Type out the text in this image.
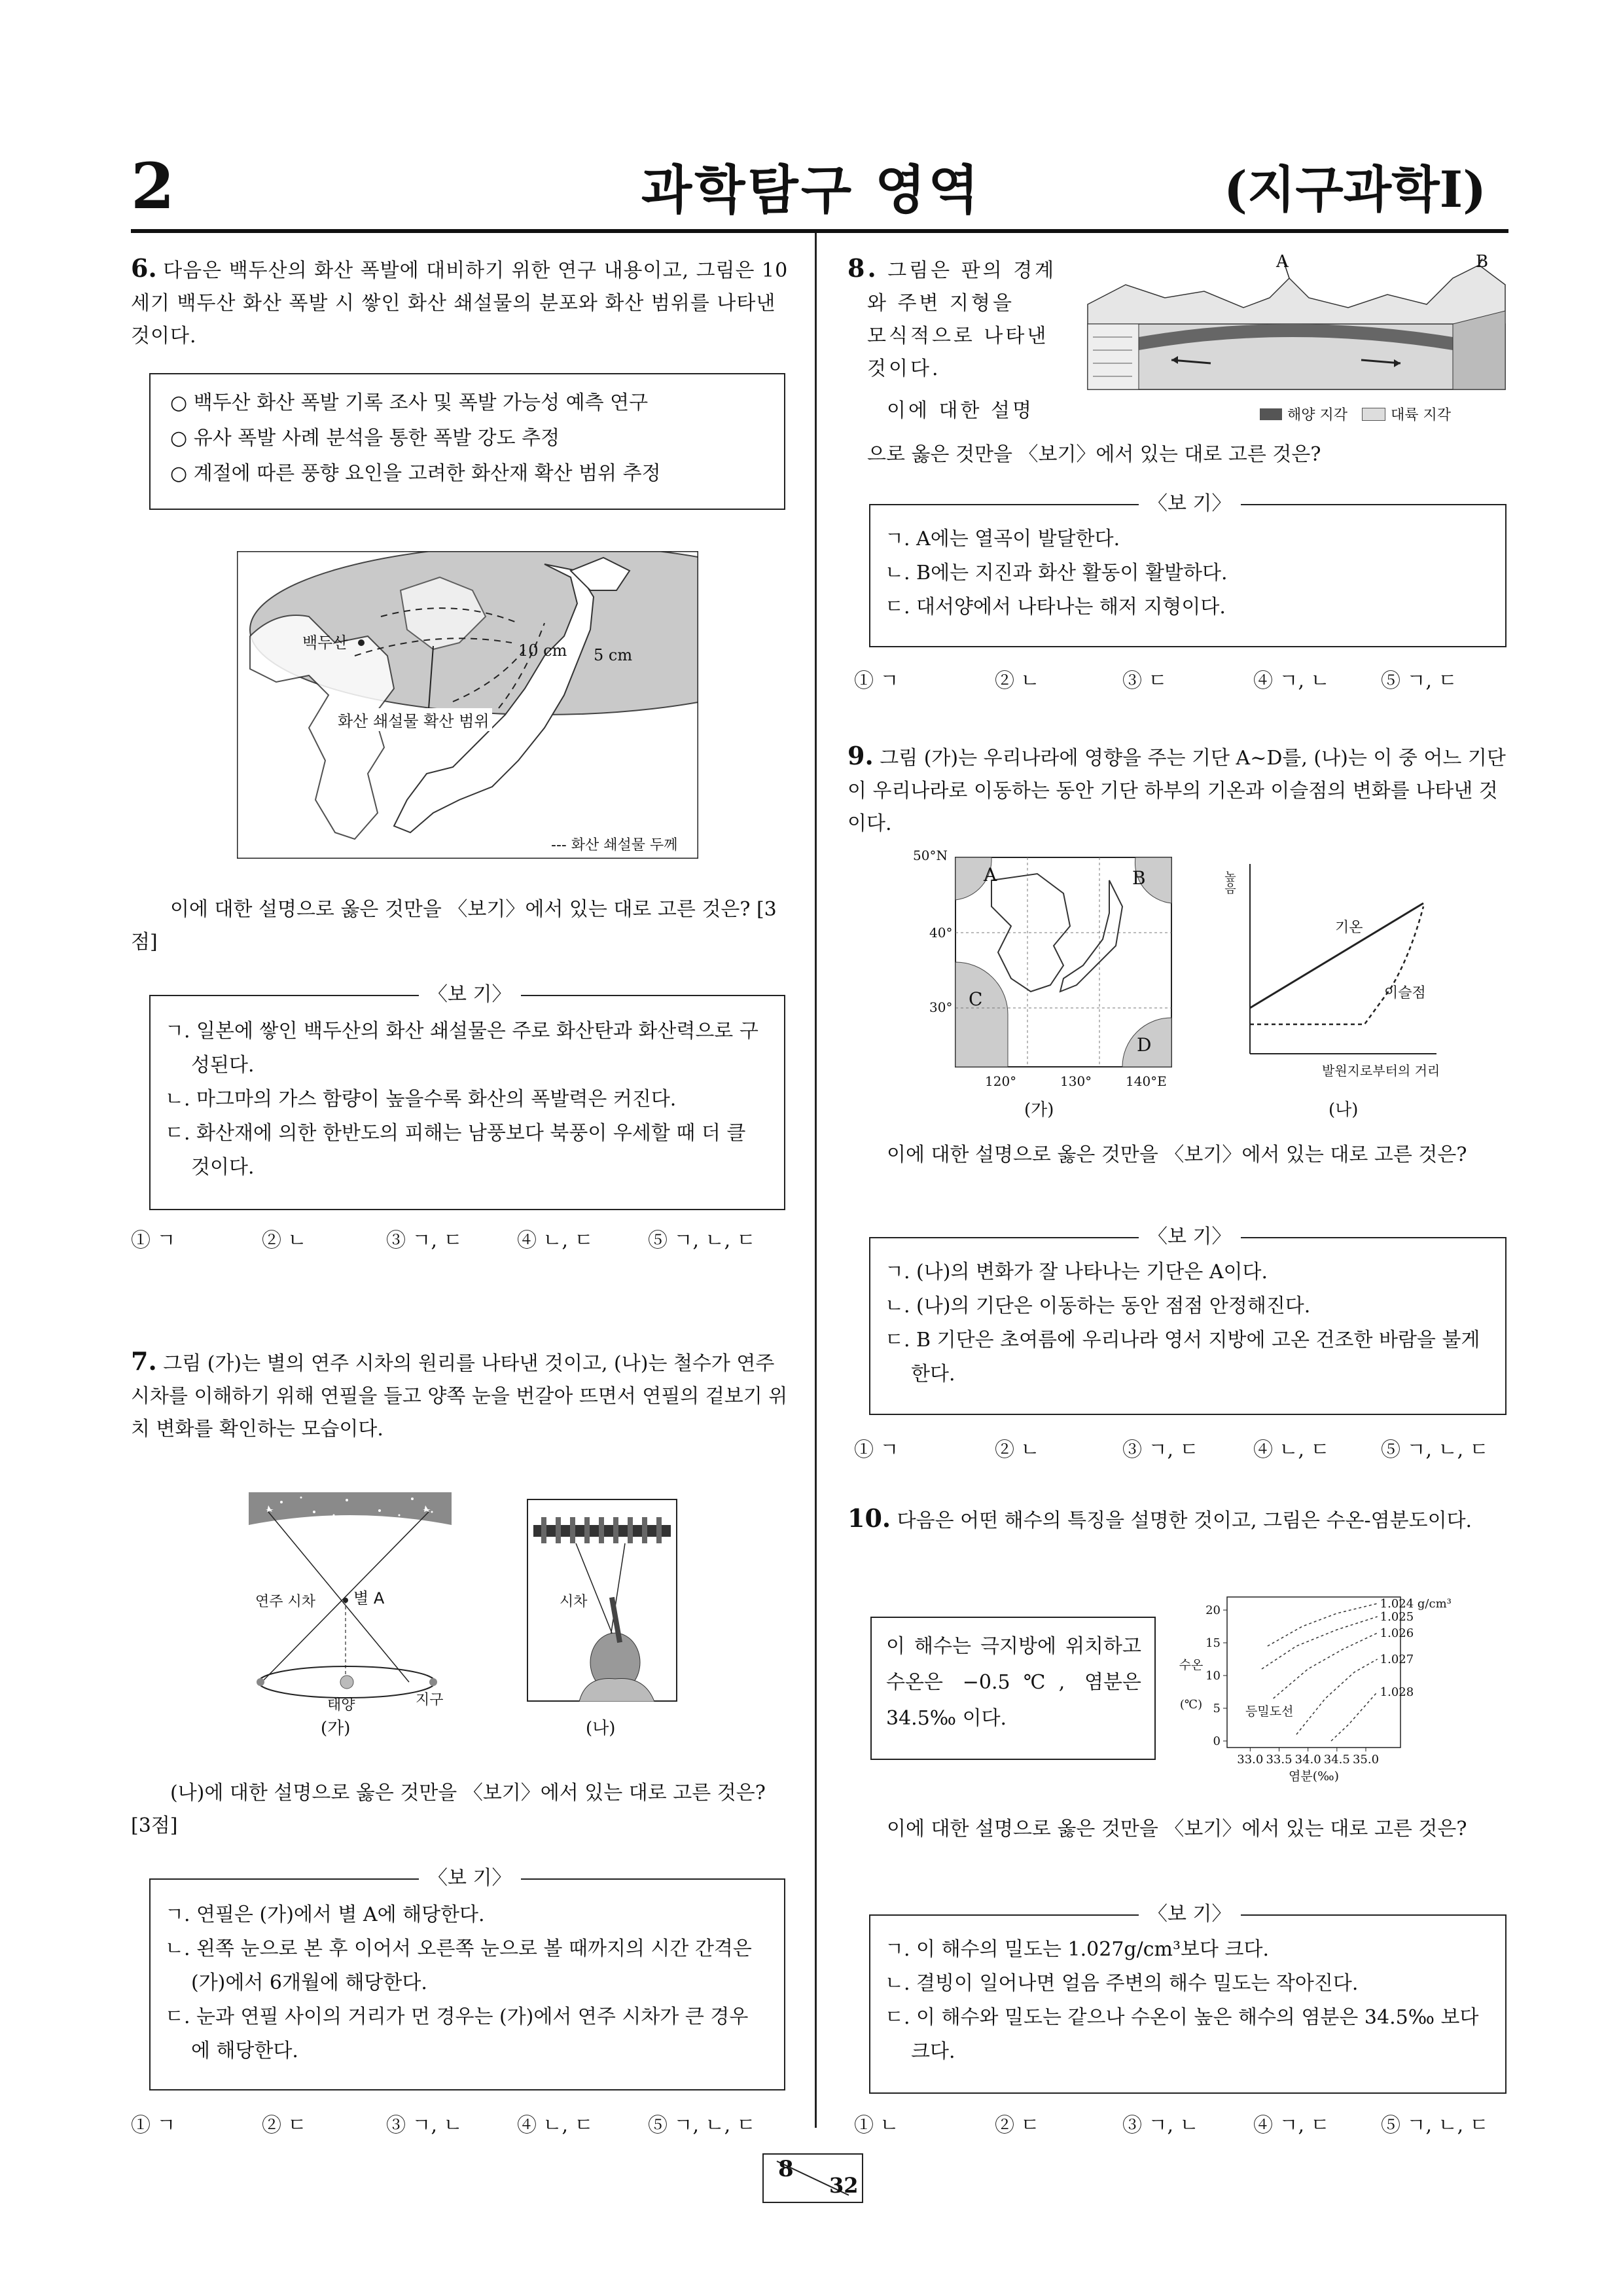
2	과학탐구 영역	(지구과학Ⅰ)
6. 다음은 백두산의 화산 폭발에 대비하기 위한 연구 내용이고, 그림은 10세기 백두산 화산 폭발 시 쌓인 화산 쇄설물의 분포와 화산 범위를 나타낸 것이다.
○ 백두산 화산 폭발 기록 조사 및 폭발 가능성 예측 연구
○ 유사 폭발 사례 분석을 통한 폭발 강도 추정
○ 계절에 따른 풍향 요인을 고려한 화산재 확산 범위 추정
백두산	10 cm 5 cm
화산 쇄설물 확산 범위
--- 화산 쇄설물 두께
이에 대한 설명으로 옳은 것만을 〈보기〉에서 있는 대로 고른 것은? [3점]
〈보 기〉
ㄱ. 일본에 쌓인 백두산의 화산 쇄설물은 주로 화산탄과 화산력으로 구성된다.
ㄴ. 마그마의 가스 함량이 높을수록 화산의 폭발력은 커진다.
ㄷ. 화산재에 의한 한반도의 피해는 남풍보다 북풍이 우세할 때 더 클 것이다.
① ㄱ	② ㄴ	③ ㄱ, ㄷ	④ ㄴ, ㄷ	⑤ ㄱ, ㄴ, ㄷ
7. 그림 (가)는 별의 연주 시차의 원리를 나타낸 것이고, (나)는 철수가 연주 시차를 이해하기 위해 연필을 들고 양쪽 눈을 번갈아 뜨면서 연필의 겉보기 위치 변화를 확인하는 모습이다.
연주 시차 별 A
태양	지구
(가)
시차
(나)
(나)에 대한 설명으로 옳은 것만을 〈보기〉에서 있는 대로 고른 것은? [3점]
〈보 기〉
ㄱ. 연필은 (가)에서 별 A에 해당한다.
ㄴ. 왼쪽 눈으로 본 후 이어서 오른쪽 눈으로 볼 때까지의 시간 간격은 (가)에서 6개월에 해당한다.
ㄷ. 눈과 연필 사이의 거리가 먼 경우는 (가)에서 연주 시차가 큰 경우에 해당한다.
① ㄱ	② ㄷ	③ ㄱ, ㄴ	④ ㄴ, ㄷ	⑤ ㄱ, ㄴ, ㄷ
8. 그림은 판의 경계
와 주변 지형을
모식적으로 나타낸
것이다.
이에 대한 설명
으로 옳은 것만을 〈보기〉에서 있는 대로 고른 것은?
A	B
해양 지각	대륙 지각
〈보 기〉
ㄱ. A에는 열곡이 발달한다.
ㄴ. B에는 지진과 화산 활동이 활발하다.
ㄷ. 대서양에서 나타나는 해저 지형이다.
① ㄱ	② ㄴ	③ ㄷ	④ ㄱ, ㄴ	⑤ ㄱ, ㄷ
9. 그림 (가)는 우리나라에 영향을 주는 기단 A~D를, (나)는 이 중 어느 기단이 우리나라로 이동하는 동안 기단 하부의 기온과 이슬점의 변화를 나타낸 것이다.
50°N
40°
30°
120°	130°	140°E
A	B
C
D
(가)
높음
기온
이슬점
발원지로부터의 거리
(나)
이에 대한 설명으로 옳은 것만을 〈보기〉에서 있는 대로 고른 것은?
〈보 기〉
ㄱ. (나)의 변화가 잘 나타나는 기단은 A이다.
ㄴ. (나)의 기단은 이동하는 동안 점점 안정해진다.
ㄷ. B 기단은 초여름에 우리나라 영서 지방에 고온 건조한 바람을 불게 한다.
① ㄱ	② ㄴ	③ ㄱ, ㄷ	④ ㄴ, ㄷ	⑤ ㄱ, ㄴ, ㄷ
10. 다음은 어떤 해수의 특징을 설명한 것이고, 그림은 수온-염분도이다.
이 해수는 극지방에 위치하고 수온은 −0.5℃, 염분은 34.5‰ 이다.
33.0 33.5 34.0 34.5 35.0
0
5
10
15
20	1.024 g/cm³
1.025
1.026
1.027
1.028
등밀도선
염분(‰)
수온
(℃)
이에 대한 설명으로 옳은 것만을 〈보기〉에서 있는 대로 고른 것은?
〈보 기〉
ㄱ. 이 해수의 밀도는 1.027g/cm³보다 크다.
ㄴ. 결빙이 일어나면 얼음 주변의 해수 밀도는 작아진다.
ㄷ. 이 해수와 밀도는 같으나 수온이 높은 해수의 염분은 34.5‰ 보다 크다.
① ㄴ	② ㄷ	③ ㄱ, ㄴ	④ ㄱ, ㄷ	⑤ ㄱ, ㄴ, ㄷ
8
32
